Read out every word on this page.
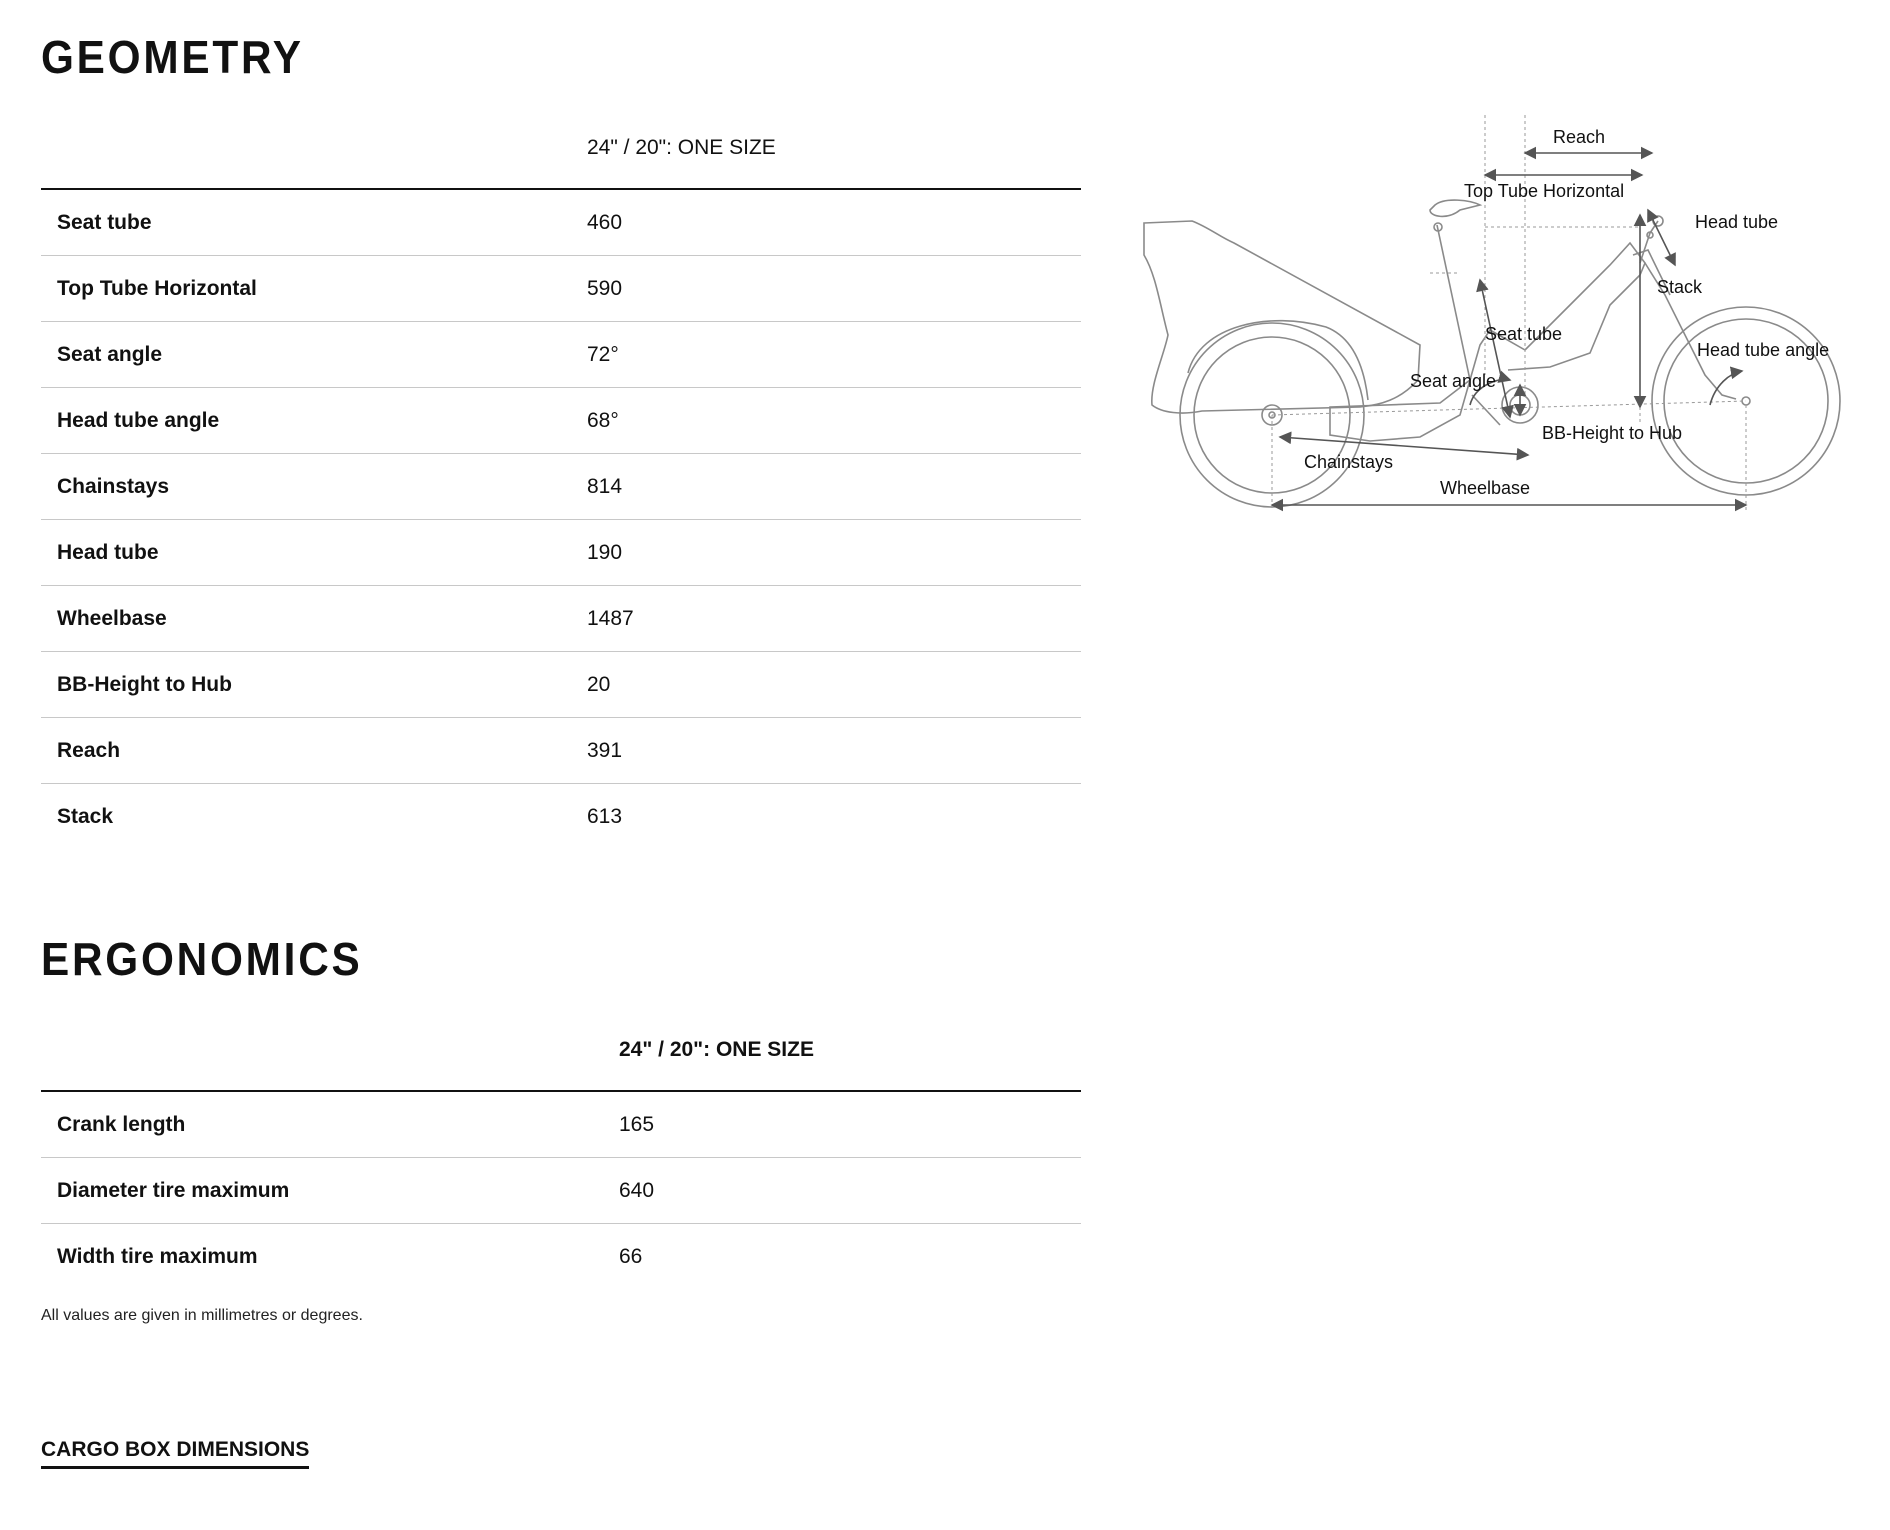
GEOMETRY
	24" / 20": ONE SIZE
Seat tube	460
Top Tube Horizontal	590
Seat angle	72°
Head tube angle	68°
Chainstays	814
Head tube	190
Wheelbase	1487
BB-Height to Hub	20
Reach	391
Stack	613
Reach
Top Tube Horizontal
Head tube
Stack
Seat tube
Head tube angle
Seat angle
BB-Height to Hub
Chainstays
Wheelbase
ERGONOMICS
	24" / 20": ONE SIZE
Crank length	165
Diameter tire maximum	640
Width tire maximum	66
All values are given in millimetres or degrees.
CARGO BOX DIMENSIONS
